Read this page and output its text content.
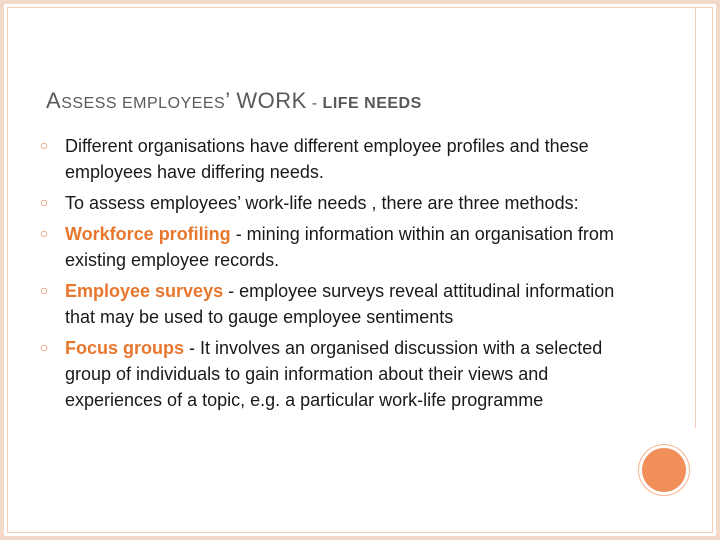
ASSESS EMPLOYEES’ WORK - LIFE NEEDS
○ Different organisations have different employee profiles and these employees have differing needs.
○ To assess employees’ work-life needs , there are three methods:
○ Workforce profiling - mining information within an organisation from existing employee records.
○ Employee surveys - employee surveys reveal attitudinal information that may be used to gauge employee sentiments
○ Focus groups - It involves an organised discussion with a selected group of individuals to gain information about their views and experiences of a topic, e.g. a particular work-life programme
